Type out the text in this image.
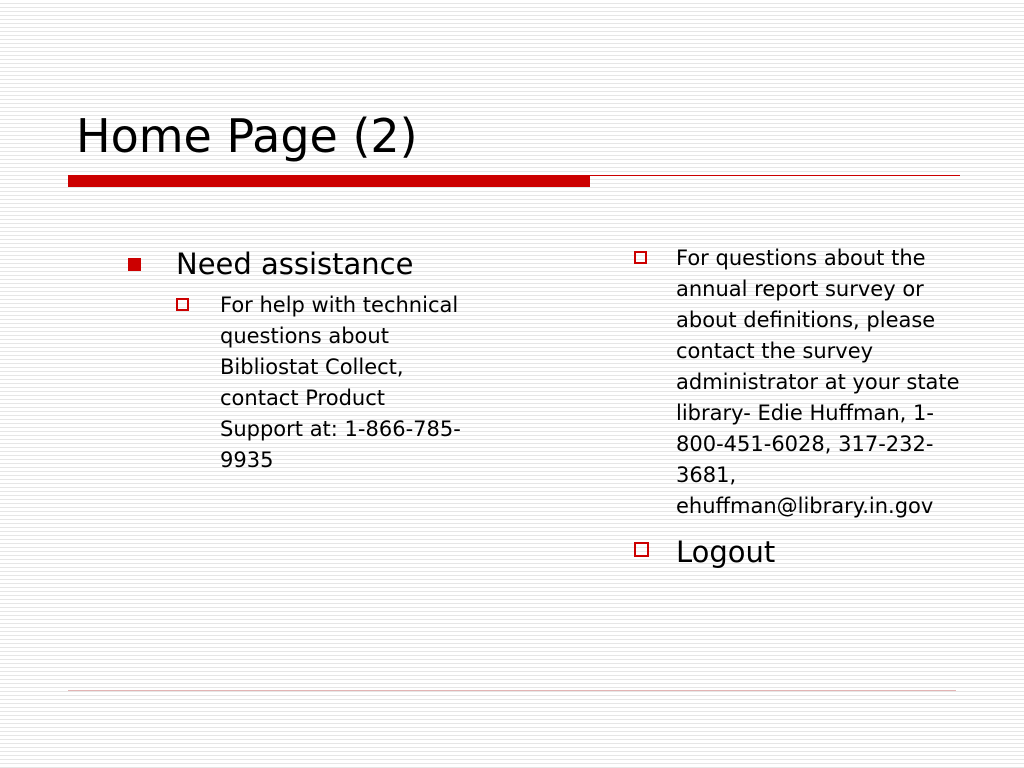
Home Page (2)
Need assistance
For help with technical questions about Bibliostat Collect, contact Product Support at: 1-866-785-9935
For questions about the annual report survey or about definitions, please contact the survey administrator at your state library- Edie Huffman, 1-800-451-6028, 317-232-3681, ehuffman@library.in.gov
Logout
